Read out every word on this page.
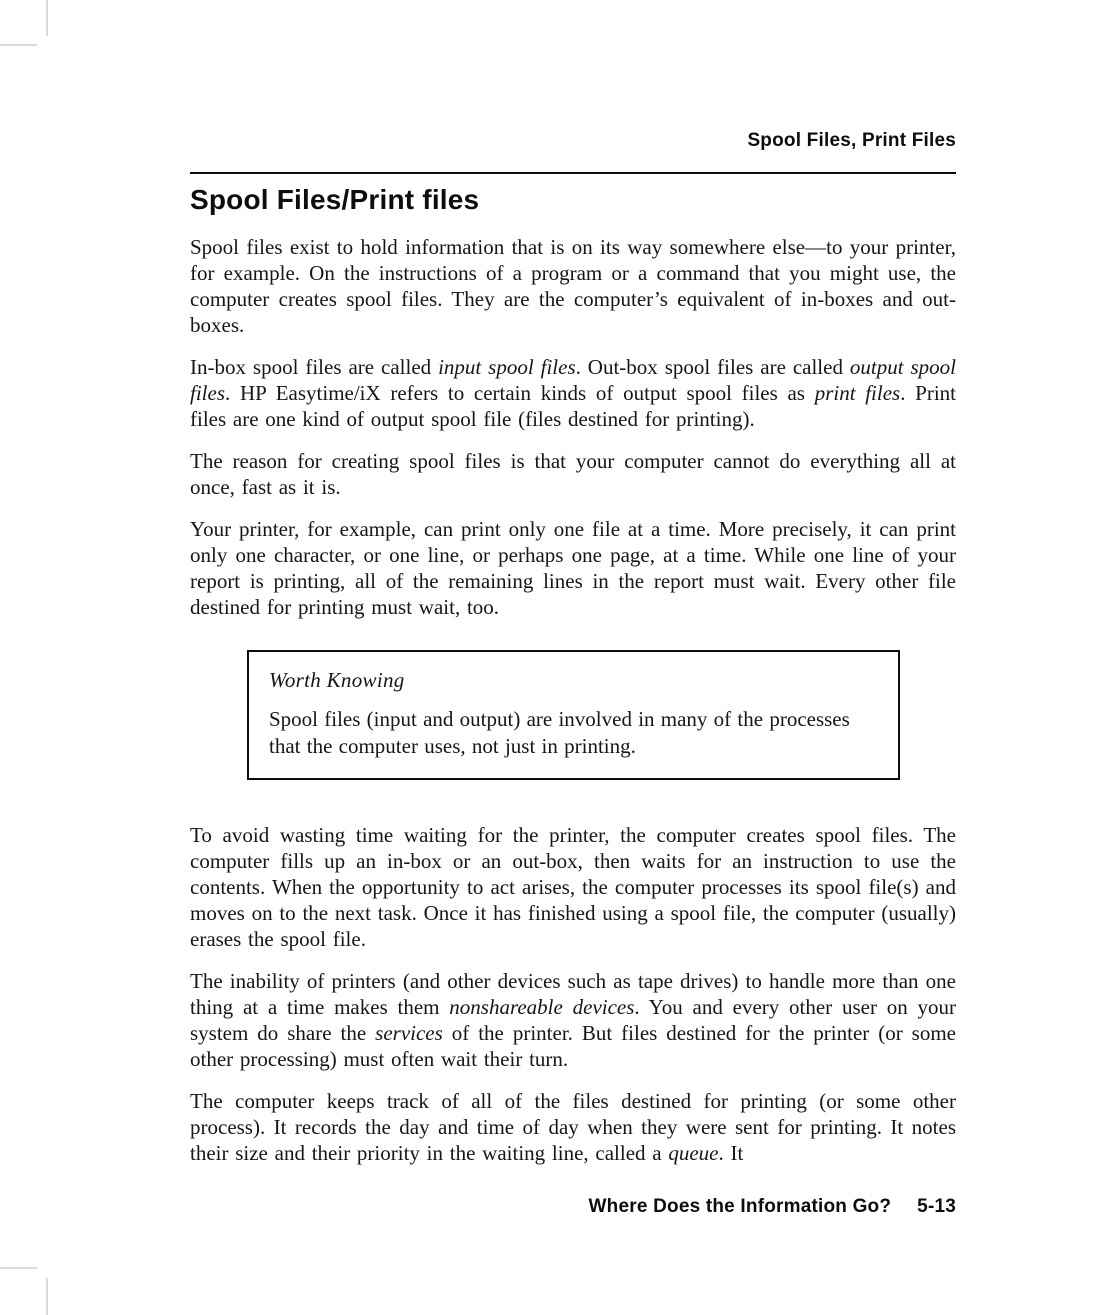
Spool Files, Print Files
Spool Files/Print files

Spool files exist to hold information that is on its way somewhere else—to your printer, for example. On the instructions of a program or a command that you might use, the computer creates spool files. They are the computer’s equivalent of in-boxes and out-boxes.

In-box spool files are called input spool files. Out-box spool files are called output spool files. HP Easytime/iX refers to certain kinds of output spool files as print files. Print files are one kind of output spool file (files destined for printing).

The reason for creating spool files is that your computer cannot do everything all at once, fast as it is.

Your printer, for example, can print only one file at a time. More precisely, it can print only one character, or one line, or perhaps one page, at a time. While one line of your report is printing, all of the remaining lines in the report must wait. Every other file destined for printing must wait, too.

Worth Knowing

Spool files (input and output) are involved in many of the processes that the computer uses, not just in printing.

To avoid wasting time waiting for the printer, the computer creates spool files. The computer fills up an in-box or an out-box, then waits for an instruction to use the contents. When the opportunity to act arises, the computer processes its spool file(s) and moves on to the next task. Once it has finished using a spool file, the computer (usually) erases the spool file.

The inability of printers (and other devices such as tape drives) to handle more than one thing at a time makes them nonshareable devices. You and every other user on your system do share the services of the printer. But files destined for the printer (or some other processing) must often wait their turn.

The computer keeps track of all of the files destined for printing (or some other process). It records the day and time of day when they were sent for printing. It notes their size and their priority in the waiting line, called a queue. It

Where Does the Information Go? 5-13
